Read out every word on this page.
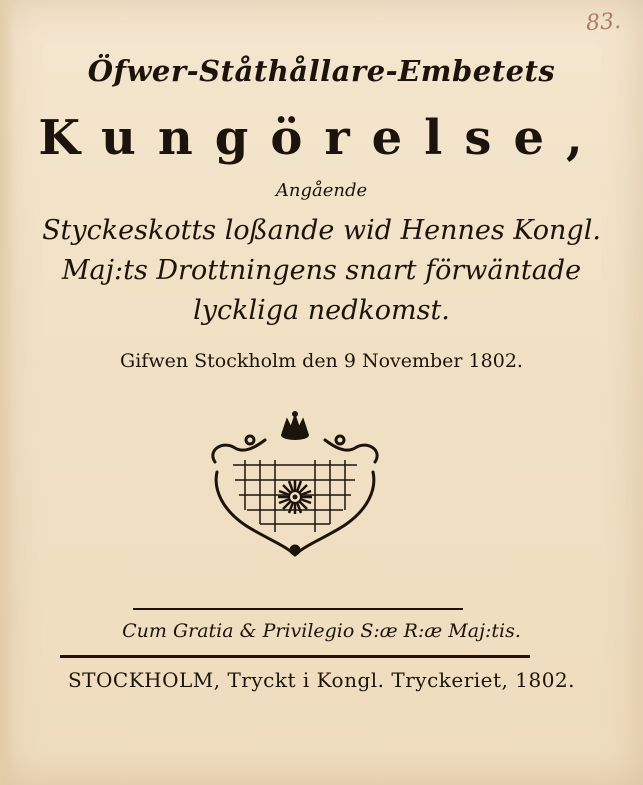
83.
Öfwer-Ståthållare-Embetets
Kungörelse,
Angående
Styckeskotts loßande wid Hennes Kongl.
Maj:ts Drottningens snart förwäntade
lyckliga nedkomst.
Gifwen Stockholm den 9 November 1802.
Cum Gratia & Privilegio S:æ R:æ Maj:tis.
STOCKHOLM, Tryckt i Kongl. Tryckeriet, 1802.
